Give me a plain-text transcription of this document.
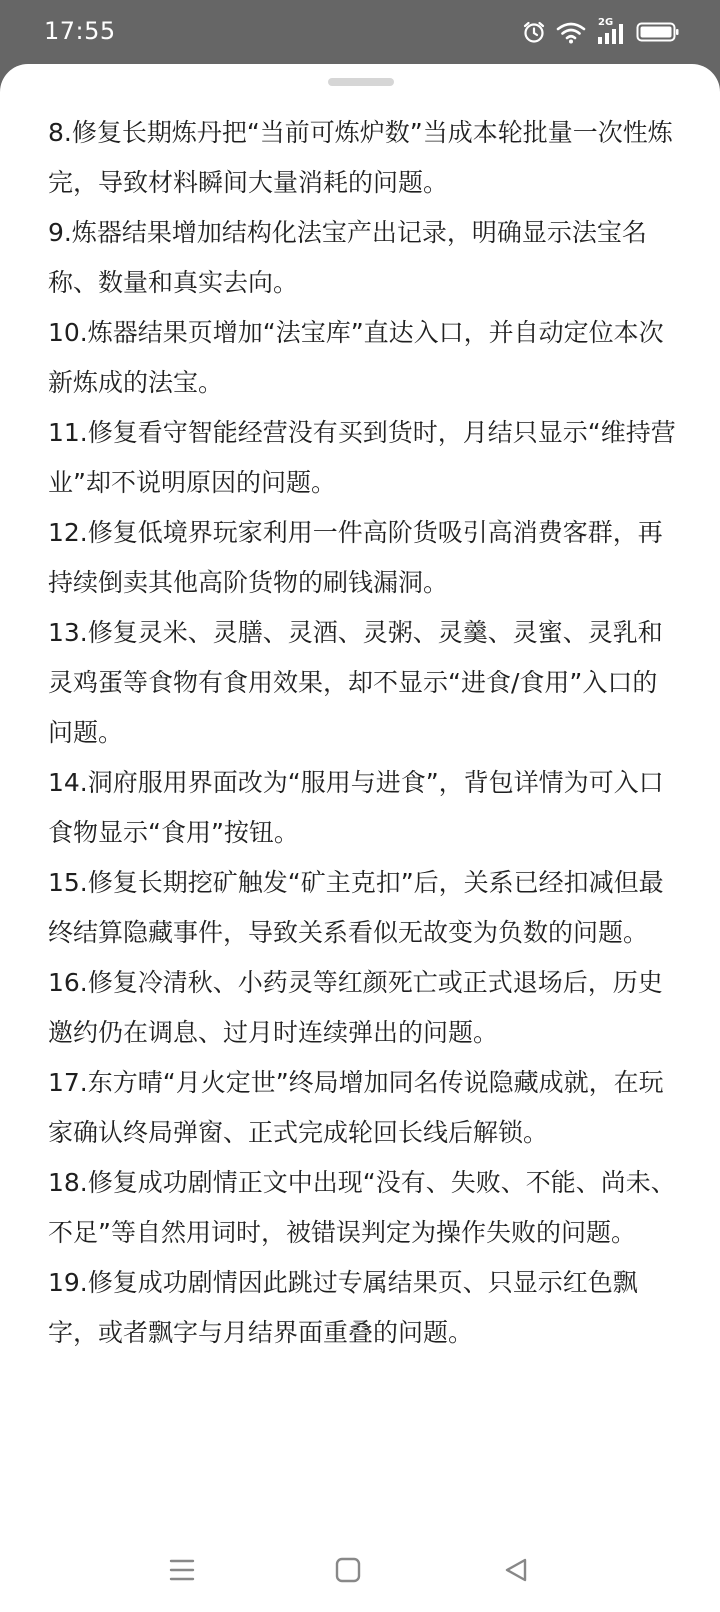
17:55	2G
8.修复长期炼丹把“当前可炼炉数”当成本轮批量一次性炼完，导致材料瞬间大量消耗的问题。
9.炼器结果增加结构化法宝产出记录，明确显示法宝名称、数量和真实去向。
10.炼器结果页增加“法宝库”直达入口，并自动定位本次新炼成的法宝。
11.修复看守智能经营没有买到货时，月结只显示“维持营业”却不说明原因的问题。
12.修复低境界玩家利用一件高阶货吸引高消费客群，再持续倒卖其他高阶货物的刷钱漏洞。
13.修复灵米、灵膳、灵酒、灵粥、灵羹、灵蜜、灵乳和灵鸡蛋等食物有食用效果，却不显示“进食/食用”入口的问题。
14.洞府服用界面改为“服用与进食”，背包详情为可入口食物显示“食用”按钮。
15.修复长期挖矿触发“矿主克扣”后，关系已经扣减但最终结算隐藏事件，导致关系看似无故变为负数的问题。
16.修复冷清秋、小药灵等红颜死亡或正式退场后，历史邀约仍在调息、过月时连续弹出的问题。
17.东方晴“月火定世”终局增加同名传说隐藏成就，在玩家确认终局弹窗、正式完成轮回长线后解锁。
18.修复成功剧情正文中出现“没有、失败、不能、尚未、不足”等自然用词时，被错误判定为操作失败的问题。
19.修复成功剧情因此跳过专属结果页、只显示红色飘字，或者飘字与月结界面重叠的问题。
